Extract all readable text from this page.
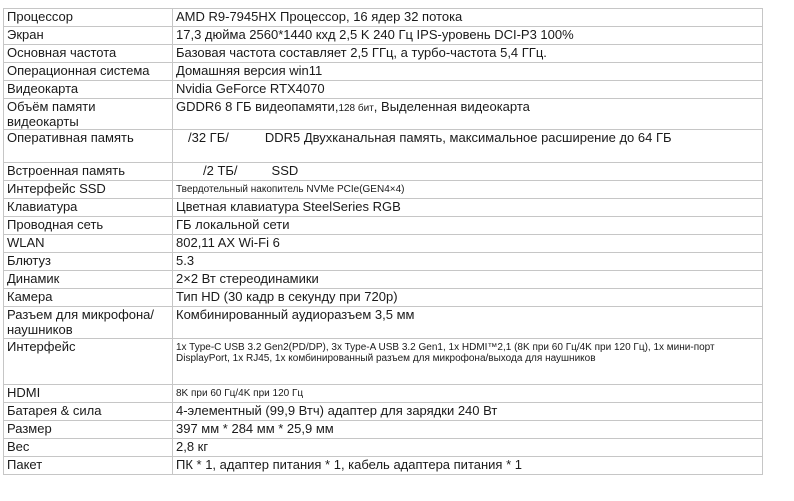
Процессор	AMD R9-7945HX Процессор, 16 ядер 32 потока
Экран	17,3 дюйма 2560*1440 кхд 2,5 K 240 Гц IPS-уровень DCI-P3 100%
Основная частота	Базовая частота составляет 2,5 ГГц, а турбо-частота 5,4 ГГц.
Операционная система	Домашняя версия win11
Видеокарта	Nvidia GeForce RTX4070
Объём памяти видеокарты	GDDR6 8 ГБ видеопамяти,128 бит, Выделенная видеокарта
Оперативная память	/32 ГБ/ DDR5 Двухканальная память, максимальное расширение до 64 ГБ
Встроенная память	/2 ТБ/ SSD
Интерфейс SSD	Твердотельный накопитель NVMe PCIe(GEN4×4)
Клавиатура	Цветная клавиатура SteelSeries RGB
Проводная сеть	ГБ локальной сети
WLAN	802,11 AX Wi-Fi 6
Блютуз	5.3
Динамик	2×2 Вт стереодинамики
Камера	Тип HD (30 кадр в секунду при 720p)
Разъем для микрофона/наушников	Комбинированный аудиоразъем 3,5 мм
Интерфейс	1x Type-C USB 3.2 Gen2(PD/DP), 3x Type-A USB 3.2 Gen1, 1x HDMI™2,1 (8K при 60 Гц/4K при 120 Гц), 1x мини-порт DisplayPort, 1x RJ45, 1x комбинированный разъем для микрофона/выхода для наушников
HDMI	8K при 60 Гц/4K при 120 Гц
Батарея & сила	4-элементный (99,9 Втч) адаптер для зарядки 240 Вт
Размер	397 мм * 284 мм * 25,9 мм
Вес	2,8 кг
Пакет	ПК * 1, адаптер питания * 1, кабель адаптера питания * 1
